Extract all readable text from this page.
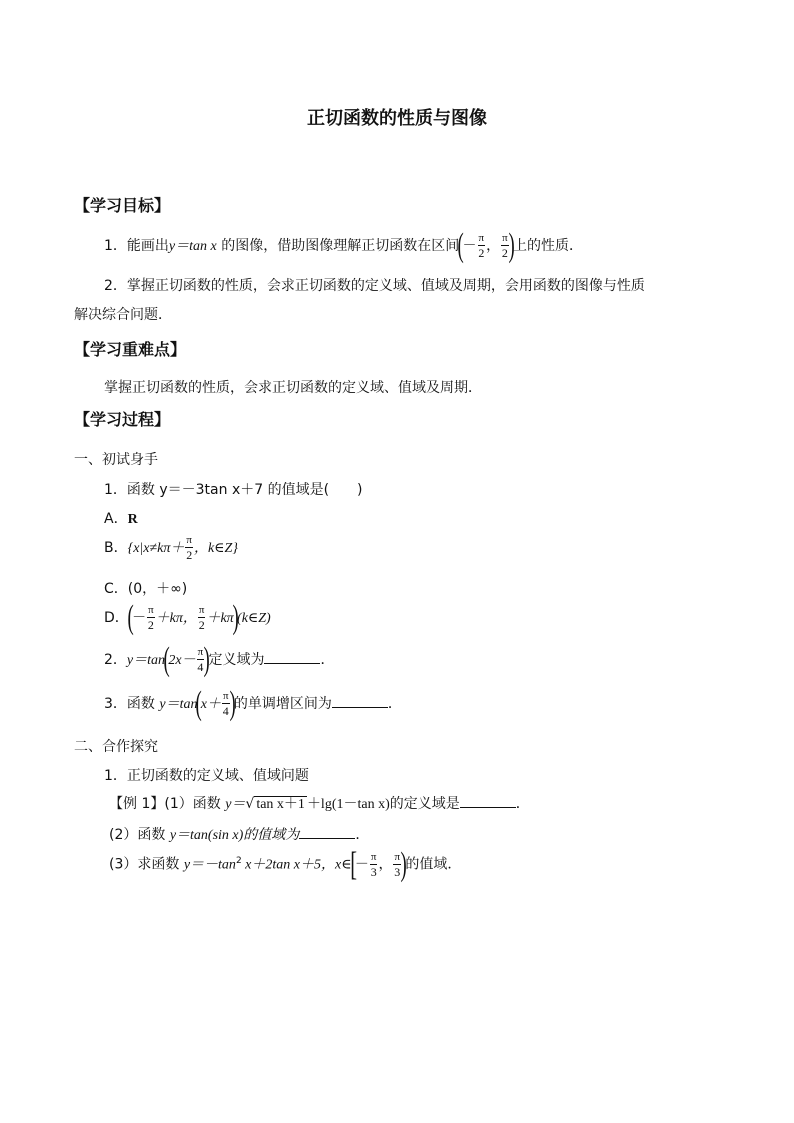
正切函数的性质与图像
【学习目标】
1．能画出y＝tan x 的图像，借助图像理解正切函数在区间(－ $\frac{\pi}{2}$ ， $\frac{\pi}{2}$ )上的性质．
2．掌握正切函数的性质，会求正切函数的定义域、值域及周期，会用函数的图像与性质
解决综合问题．
【学习重难点】
掌握正切函数的性质，会求正切函数的定义域、值域及周期．
【学习过程】
一、初试身手
1．函数 y＝－3tan x＋7 的值域是(　　)
A．R
B．{$x|x\ne k\pi+ \frac{\pi}{2}$ ，k∈Z}
C．(0，＋∞)
D．(－ $\frac{\pi}{2} +k\pi$， $\frac{\pi}{2}$ ＋kπ)(k∈Z)
2．$y=\tan(2x- \frac{\pi}{4}$ )定义域为	．
3．函数 $y=\tan(x+ \frac{\pi}{4}$ )的单调增区间为	．
二、合作探究
1．正切函数的定义域、值域问题
【例 1】(1）函数 y＝√ tan x＋1 ＋lg(1－tan x)的定义域是	．
(2）函数 y＝tan(sin x)的值域为	．
(3）求函数 $y=-\tan^2$ x＋2tan x＋5，x∈[－ $\frac{\pi}{3}$ ， $\frac{\pi}{3}$ )的值域．
